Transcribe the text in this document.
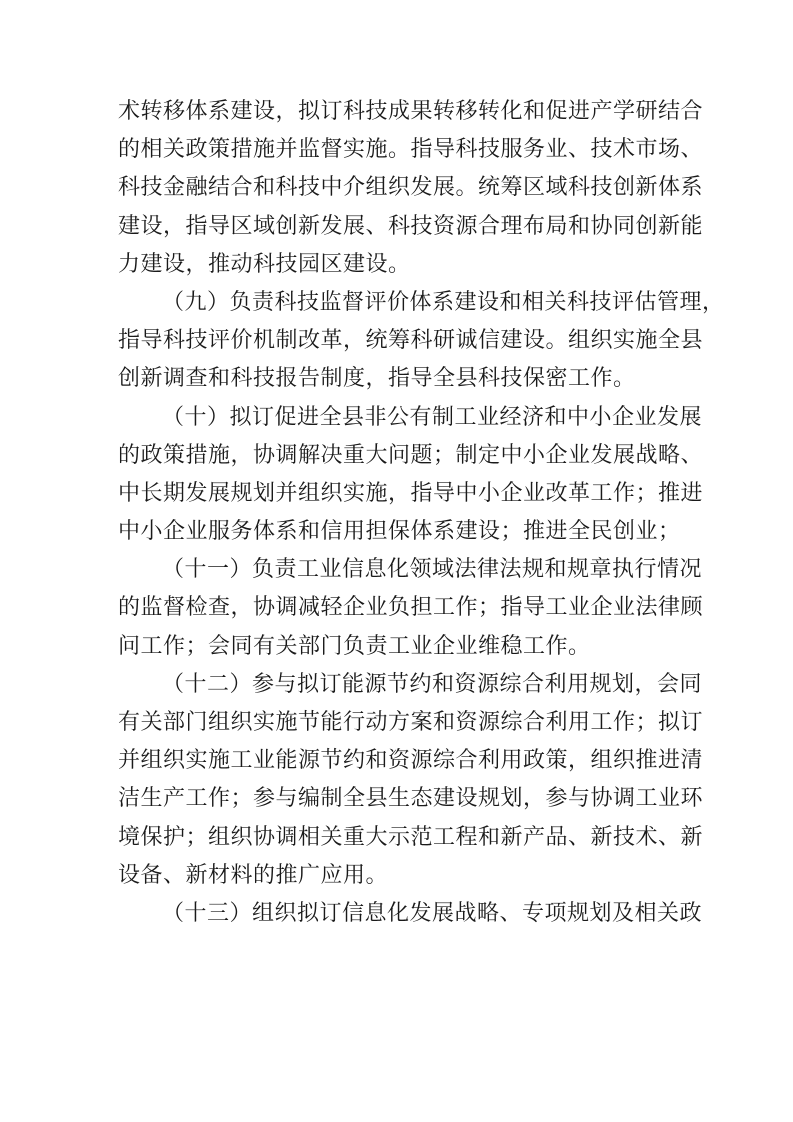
术转移体系建设，拟订科技成果转移转化和促进产学研结合
的相关政策措施并监督实施。指导科技服务业、技术市场、
科技金融结合和科技中介组织发展。统筹区域科技创新体系
建设，指导区域创新发展、科技资源合理布局和协同创新能
力建设，推动科技园区建设。
（九）负责科技监督评价体系建设和相关科技评估管理，
指导科技评价机制改革，统筹科研诚信建设。组织实施全县
创新调查和科技报告制度，指导全县科技保密工作。
（十）拟订促进全县非公有制工业经济和中小企业发展
的政策措施，协调解决重大问题；制定中小企业发展战略、
中长期发展规划并组织实施，指导中小企业改革工作；推进
中小企业服务体系和信用担保体系建设；推进全民创业；
（十一）负责工业信息化领域法律法规和规章执行情况
的监督检查，协调减轻企业负担工作；指导工业企业法律顾
问工作；会同有关部门负责工业企业维稳工作。
（十二）参与拟订能源节约和资源综合利用规划，会同
有关部门组织实施节能行动方案和资源综合利用工作；拟订
并组织实施工业能源节约和资源综合利用政策，组织推进清
洁生产工作；参与编制全县生态建设规划，参与协调工业环
境保护；组织协调相关重大示范工程和新产品、新技术、新
设备、新材料的推广应用。
（十三）组织拟订信息化发展战略、专项规划及相关政
